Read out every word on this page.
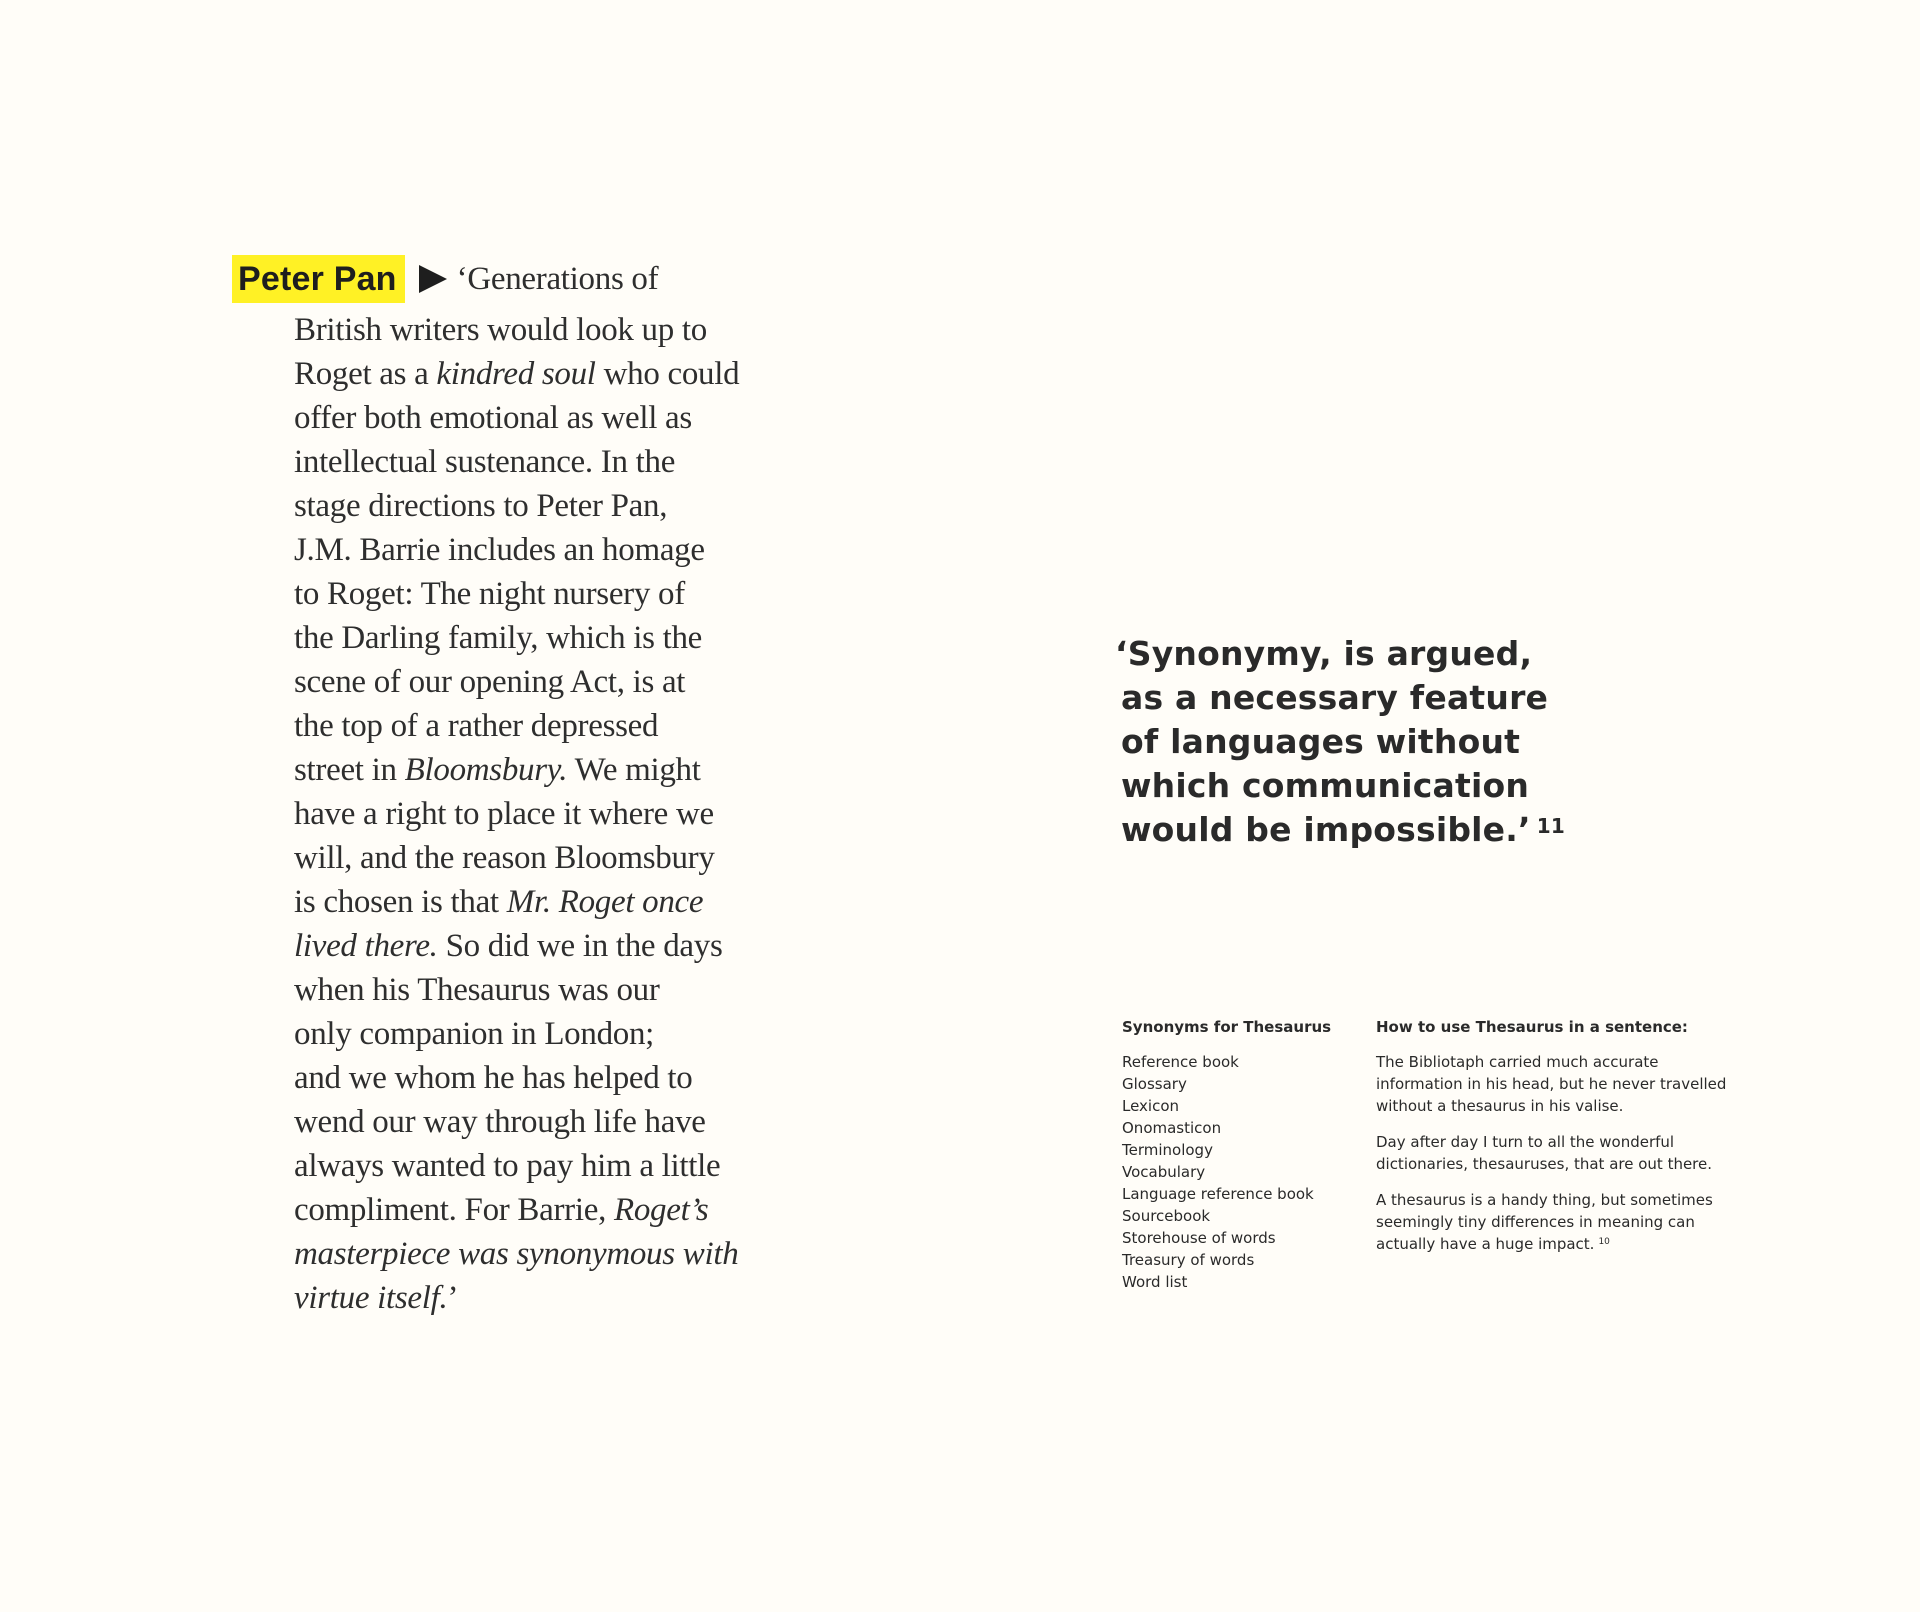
Peter Pan ‘Generations of
British writers would look up to
Roget as a kindred soul who could
offer both emotional as well as
intellectual sustenance. In the
stage directions to Peter Pan,
J.M. Barrie includes an homage
to Roget: The night nursery of
the Darling family, which is the
scene of our opening Act, is at
the top of a rather depressed
street in Bloomsbury. We might
have a right to place it where we
will, and the reason Bloomsbury
is chosen is that Mr. Roget once
lived there. So did we in the days
when his Thesaurus was our
only companion in London;
and we whom he has helped to
wend our way through life have
always wanted to pay him a little
compliment. For Barrie, Roget’s
masterpiece was synonymous with
virtue itself.’
‘Synonymy, is argued,
as a necessary feature
of languages without
which communication
would be impossible.’ $^{11}$
Synonyms for Thesaurus
Reference book
Glossary
Lexicon
Onomasticon
Terminology
Vocabulary
Language reference book
Sourcebook
Storehouse of words
Treasury of words
Word list
How to use Thesaurus in a sentence:

The Bibliotaph carried much accurate
information in his head, but he never travelled
without a thesaurus in his valise.

Day after day I turn to all the wonderful
dictionaries, thesauruses, that are out there.

A thesaurus is a handy thing, but sometimes
seemingly tiny differences in meaning can
actually have a huge impact. $^{10}$
